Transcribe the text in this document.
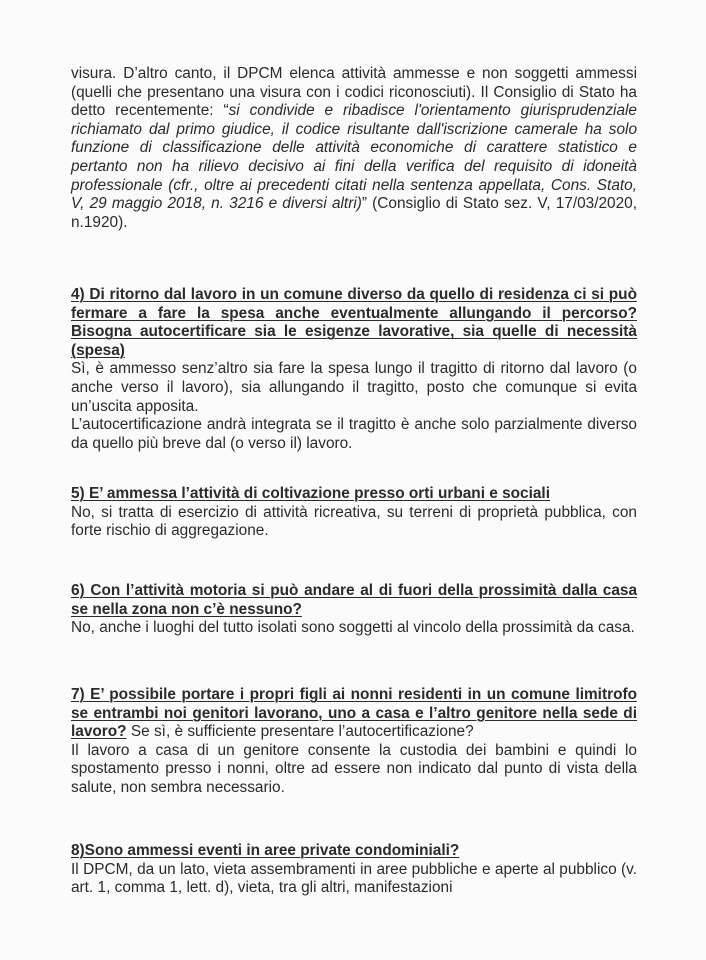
visura. D’altro canto, il DPCM elenca attività ammesse e non soggetti ammessi (quelli che presentano una visura con i codici riconosciuti). Il Consiglio di Stato ha detto recentemente: “si condivide e ribadisce l'orientamento giurisprudenziale richiamato dal primo giudice, il codice risultante dall'iscrizione camerale ha solo funzione di classificazione delle attività economiche di carattere statistico e pertanto non ha rilievo decisivo ai fini della verifica del requisito di idoneità professionale (cfr., oltre ai precedenti citati nella sentenza appellata, Cons. Stato, V, 29 maggio 2018, n. 3216 e diversi altri)” (Consiglio di Stato sez. V, 17/03/2020, n.1920).

4) Di ritorno dal lavoro in un comune diverso da quello di residenza ci si può fermare a fare la spesa anche eventualmente allungando il percorso? Bisogna autocertificare sia le esigenze lavorative, sia quelle di necessità (spesa)

Sì, è ammesso senz’altro sia fare la spesa lungo il tragitto di ritorno dal lavoro (o anche verso il lavoro), sia allungando il tragitto, posto che comunque si evita un’uscita apposita.

L’autocertificazione andrà integrata se il tragitto è anche solo parzialmente diverso da quello più breve dal (o verso il) lavoro.

5) E’ ammessa l’attività di coltivazione presso orti urbani e sociali

No, si tratta di esercizio di attività ricreativa, su terreni di proprietà pubblica, con forte rischio di aggregazione.

6) Con l’attività motoria si può andare al di fuori della prossimità dalla casa se nella zona non c’è nessuno?

No, anche i luoghi del tutto isolati sono soggetti al vincolo della prossimità da casa.

7) E’ possibile portare i propri figli ai nonni residenti in un comune limitrofo se entrambi noi genitori lavorano, uno a casa e l’altro genitore nella sede di lavoro? Se sì, è sufficiente presentare l’autocertificazione?

Il lavoro a casa di un genitore consente la custodia dei bambini e quindi lo spostamento presso i nonni, oltre ad essere non indicato dal punto di vista della salute, non sembra necessario.

8)Sono ammessi eventi in aree private condominiali?

Il DPCM, da un lato, vieta assembramenti in aree pubbliche e aperte al pubblico (v. art. 1, comma 1, lett. d), vieta, tra gli altri, manifestazioni
